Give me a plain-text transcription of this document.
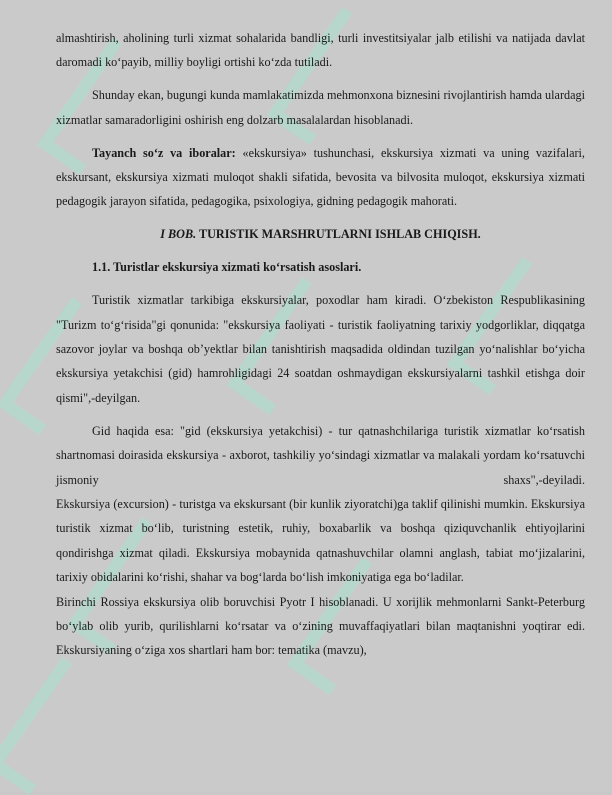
almashtirish, aholining turli xizmat sohalarida bandligi, turli investitsiyalar jalb etilishi va natijada davlat daromadi ko‘payib, milliy boyligi ortishi ko‘zda tutiladi.

Shunday ekan, bugungi kunda mamlakatimizda mehmonxona biznesini rivojlantirish hamda ulardagi xizmatlar samaradorligini oshirish eng dolzarb masalalardan hisoblanadi.

Tayanch so‘z va iboralar: «ekskursiya» tushunchasi, ekskursiya xizmati va uning vazifalari, ekskursant, ekskursiya xizmati muloqot shakli sifatida, bevosita va bilvosita muloqot, ekskursiya xizmati pedagogik jarayon sifatida, pedagogika, psixologiya, gidning pedagogik mahorati.

I BOB. TURISTIK MARSHRUTLARNI ISHLAB CHIQISH.

1.1. Turistlar ekskursiya xizmati ko‘rsatish asoslari.

Turistik xizmatlar tarkibiga ekskursiyalar, poxodlar ham kiradi. O‘zbekiston Respublikasining "Turizm to‘g‘risida"gi qonunida: "ekskursiya faoliyati - turistik faoliyatning tarixiy yodgorliklar, diqqatga sazovor joylar va boshqa ob’yektlar bilan tanishtirish maqsadida oldindan tuzilgan yo‘nalishlar bo‘yicha ekskursiya yetakchisi (gid) hamrohligidagi 24 soatdan oshmaydigan ekskursiyalarni tashkil etishga doir qismi",-deyilgan.

Gid haqida esa: "gid (ekskursiya yetakchisi) - tur qatnashchilariga turistik xizmatlar ko‘rsatish shartnomasi doirasida ekskursiya - axborot, tashkiliy yo‘sindagi xizmatlar va malakali yordam ko‘rsatuvchi jismoniy shaxs",-deyiladi.

Ekskursiya (excursion) - turistga va ekskursant (bir kunlik ziyoratchi)ga taklif qilinishi mumkin. Ekskursiya turistik xizmat bo‘lib, turistning estetik, ruhiy, boxabarlik va boshqa qiziquvchanlik ehtiyojlarini qondirishga xizmat qiladi. Ekskursiya mobaynida qatnashuvchilar olamni anglash, tabiat mo‘jizalarini, tarixiy obidalarini ko‘rishi, shahar va bog‘larda bo‘lish imkoniyatiga ega bo‘ladilar.

Birinchi Rossiya ekskursiya olib boruvchisi Pyotr I hisoblanadi. U xorijlik mehmonlarni Sankt-Peterburg bo‘ylab olib yurib, qurilishlarni ko‘rsatar va o‘zining muvaffaqiyatlari bilan maqtanishni yoqtirar edi. Ekskursiyaning o‘ziga xos shartlari ham bor: tematika (mavzu),
